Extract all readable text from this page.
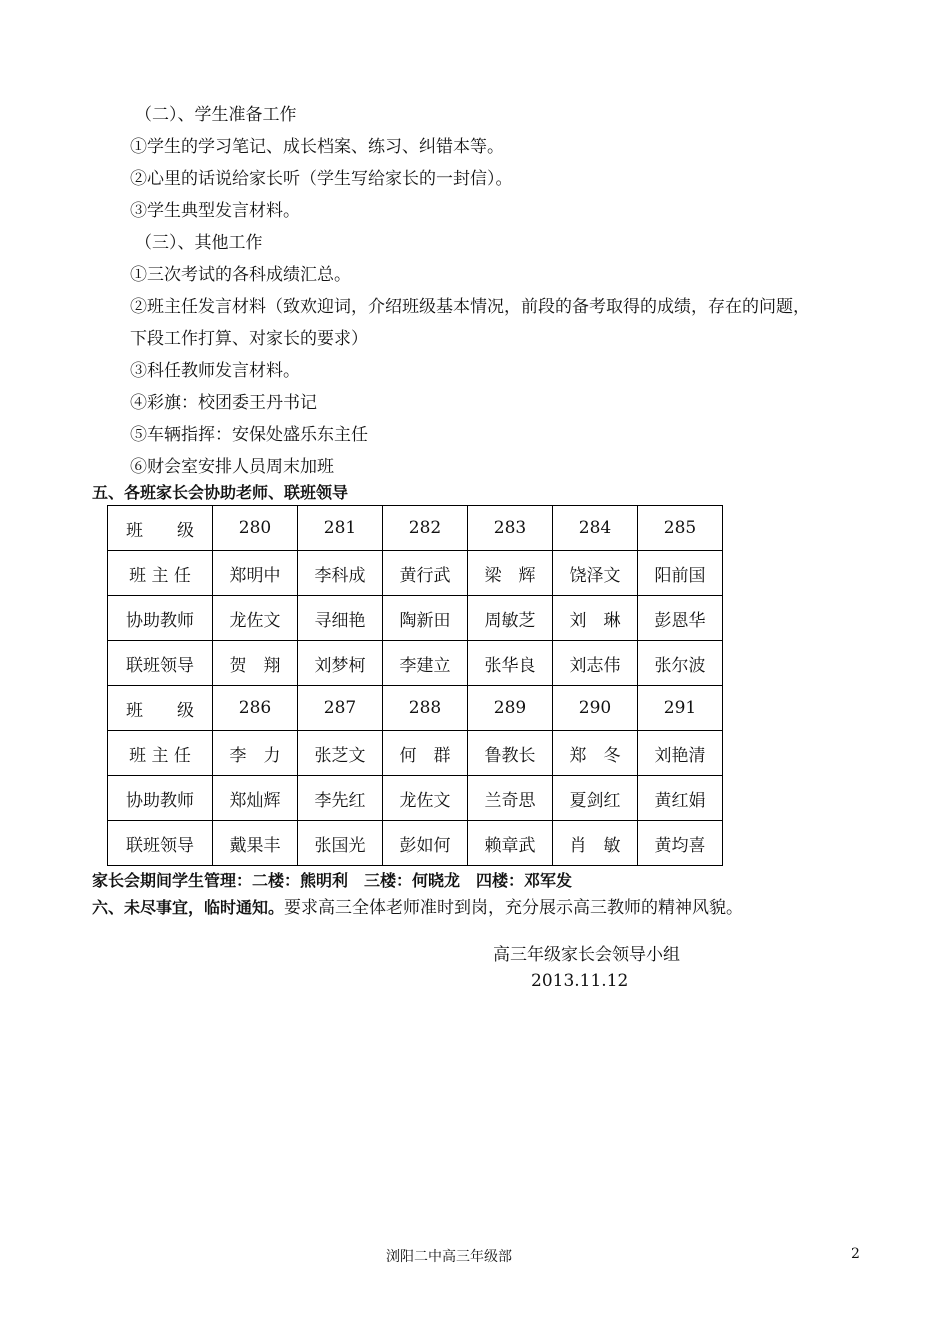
（二）、学生准备工作
①学生的学习笔记、成长档案、练习、纠错本等。
②心里的话说给家长听（学生写给家长的一封信）。
③学生典型发言材料。
（三）、其他工作
①三次考试的各科成绩汇总。
②班主任发言材料（致欢迎词，介绍班级基本情况，前段的备考取得的成绩，存在的问题，
下段工作打算、对家长的要求）
③科任教师发言材料。
④彩旗：校团委王丹书记
⑤车辆指挥：安保处盛乐东主任
⑥财会室安排人员周末加班
五、各班家长会协助老师、联班领导
班　　级	280	281	282	283	284	285
班 主 任	郑明中	李科成	黄行武	梁　辉	饶泽文	阳前国
协助教师	龙佐文	寻细艳	陶新田	周敏芝	刘　琳	彭恩华
联班领导	贺　翔	刘梦柯	李建立	张华良	刘志伟	张尔波
班　　级	286	287	288	289	290	291
班 主 任	李　力	张芝文	何　群	鲁教长	郑　冬	刘艳清
协助教师	郑灿辉	李先红	龙佐文	兰奇思	夏剑红	黄红娟
联班领导	戴果丰	张国光	彭如何	赖章武	肖　敏	黄均喜
家长会期间学生管理：二楼：熊明利　三楼：何晓龙　四楼：邓军发
六、未尽事宜，临时通知。要求高三全体老师准时到岗，充分展示高三教师的精神风貌。
高三年级家长会领导小组
2013.11.12
浏阳二中高三年级部	2
